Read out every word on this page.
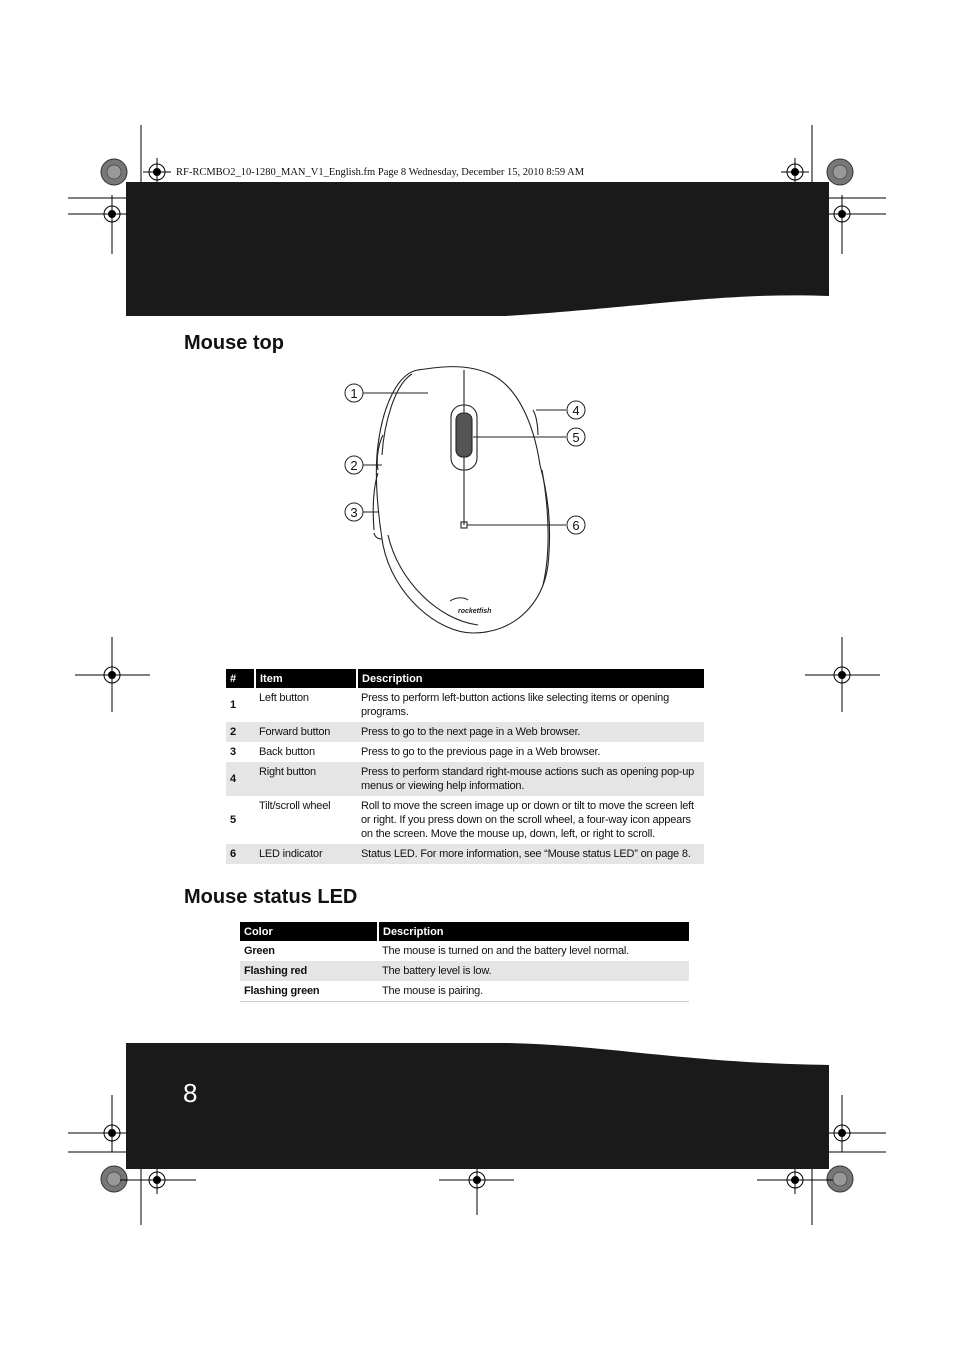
RF-RCMBO2_10-1280_MAN_V1_English.fm Page 8 Wednesday, December 15, 2010 8:59 AM
Mouse top
1
2
3
4
5
6
rocketfish
#	Item	Description
1	Left button	Press to perform left-button actions like selecting items or opening programs.
2	Forward button	Press to go to the next page in a Web browser.
3	Back button	Press to go to the previous page in a Web browser.
4	Right button	Press to perform standard right-mouse actions such as opening pop-up menus or viewing help information.
5	Tilt/scroll wheel	Roll to move the screen image up or down or tilt to move the screen left or right. If you press down on the scroll wheel, a four-way icon appears on the screen. Move the mouse up, down, left, or right to scroll.
6	LED indicator	Status LED. For more information, see “Mouse status LED” on page 8.
Mouse status LED
Color	Description
Green	The mouse is turned on and the battery level normal.
Flashing red	The battery level is low.
Flashing green	The mouse is pairing.
8
